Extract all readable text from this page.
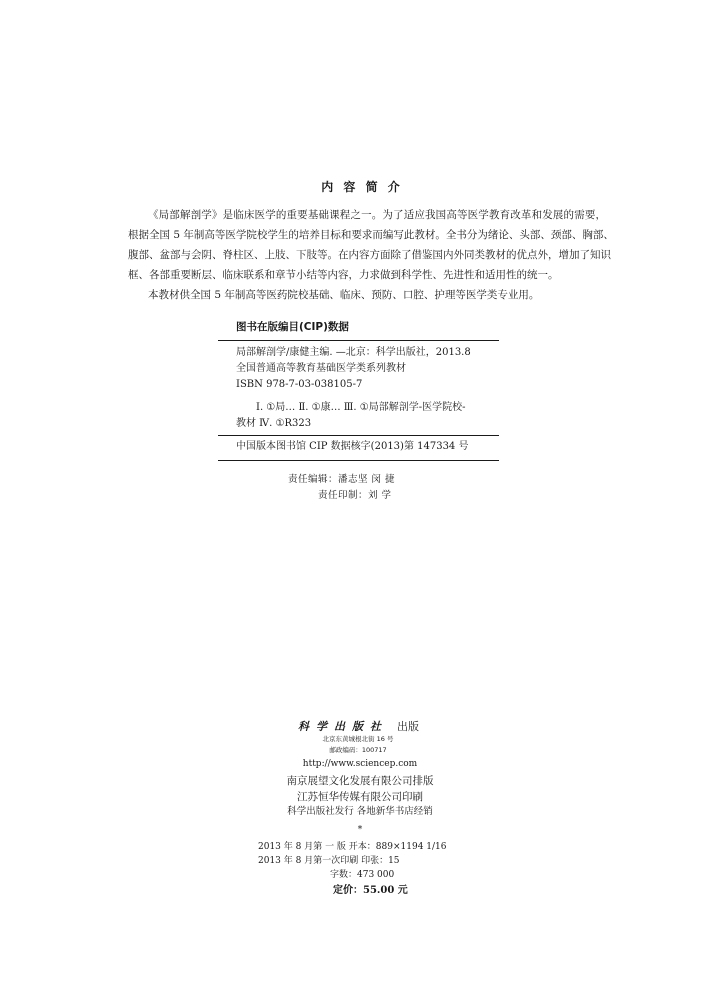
内 容 简 介
《局部解剖学》是临床医学的重要基础课程之一。为了适应我国高等医学教育改革和发展的需要，
根据全国 5 年制高等医学院校学生的培养目标和要求而编写此教材。全书分为绪论、头部、颈部、胸部、
腹部、盆部与会阴、脊柱区、上肢、下肢等。在内容方面除了借鉴国内外同类教材的优点外，增加了知识
框、各部重要断层、临床联系和章节小结等内容，力求做到科学性、先进性和适用性的统一。
本教材供全国 5 年制高等医药院校基础、临床、预防、口腔、护理等医学类专业用。
图书在版编目(CIP)数据
局部解剖学/康健主编. —北京：科学出版社，2013.8
全国普通高等教育基础医学类系列教材
ISBN 978-7-03-038105-7
Ⅰ. ①局… Ⅱ. ①康… Ⅲ. ①局部解剖学-医学院校-
教材 Ⅳ. ①R323
中国版本图书馆 CIP 数据核字(2013)第 147334 号
责任编辑：潘志坚 闵 捷
责任印制：刘 学
科学出版社 出版
北京东黄城根北街 16 号
邮政编码：100717
http://www.sciencep.com
南京展望文化发展有限公司排版
江苏恒华传媒有限公司印刷
科学出版社发行 各地新华书店经销
*
2013 年 8 月第 一 版 开本：889×1194 1/16
2013 年 8 月第一次印刷 印张：15
字数：473 000
定价：55.00 元
